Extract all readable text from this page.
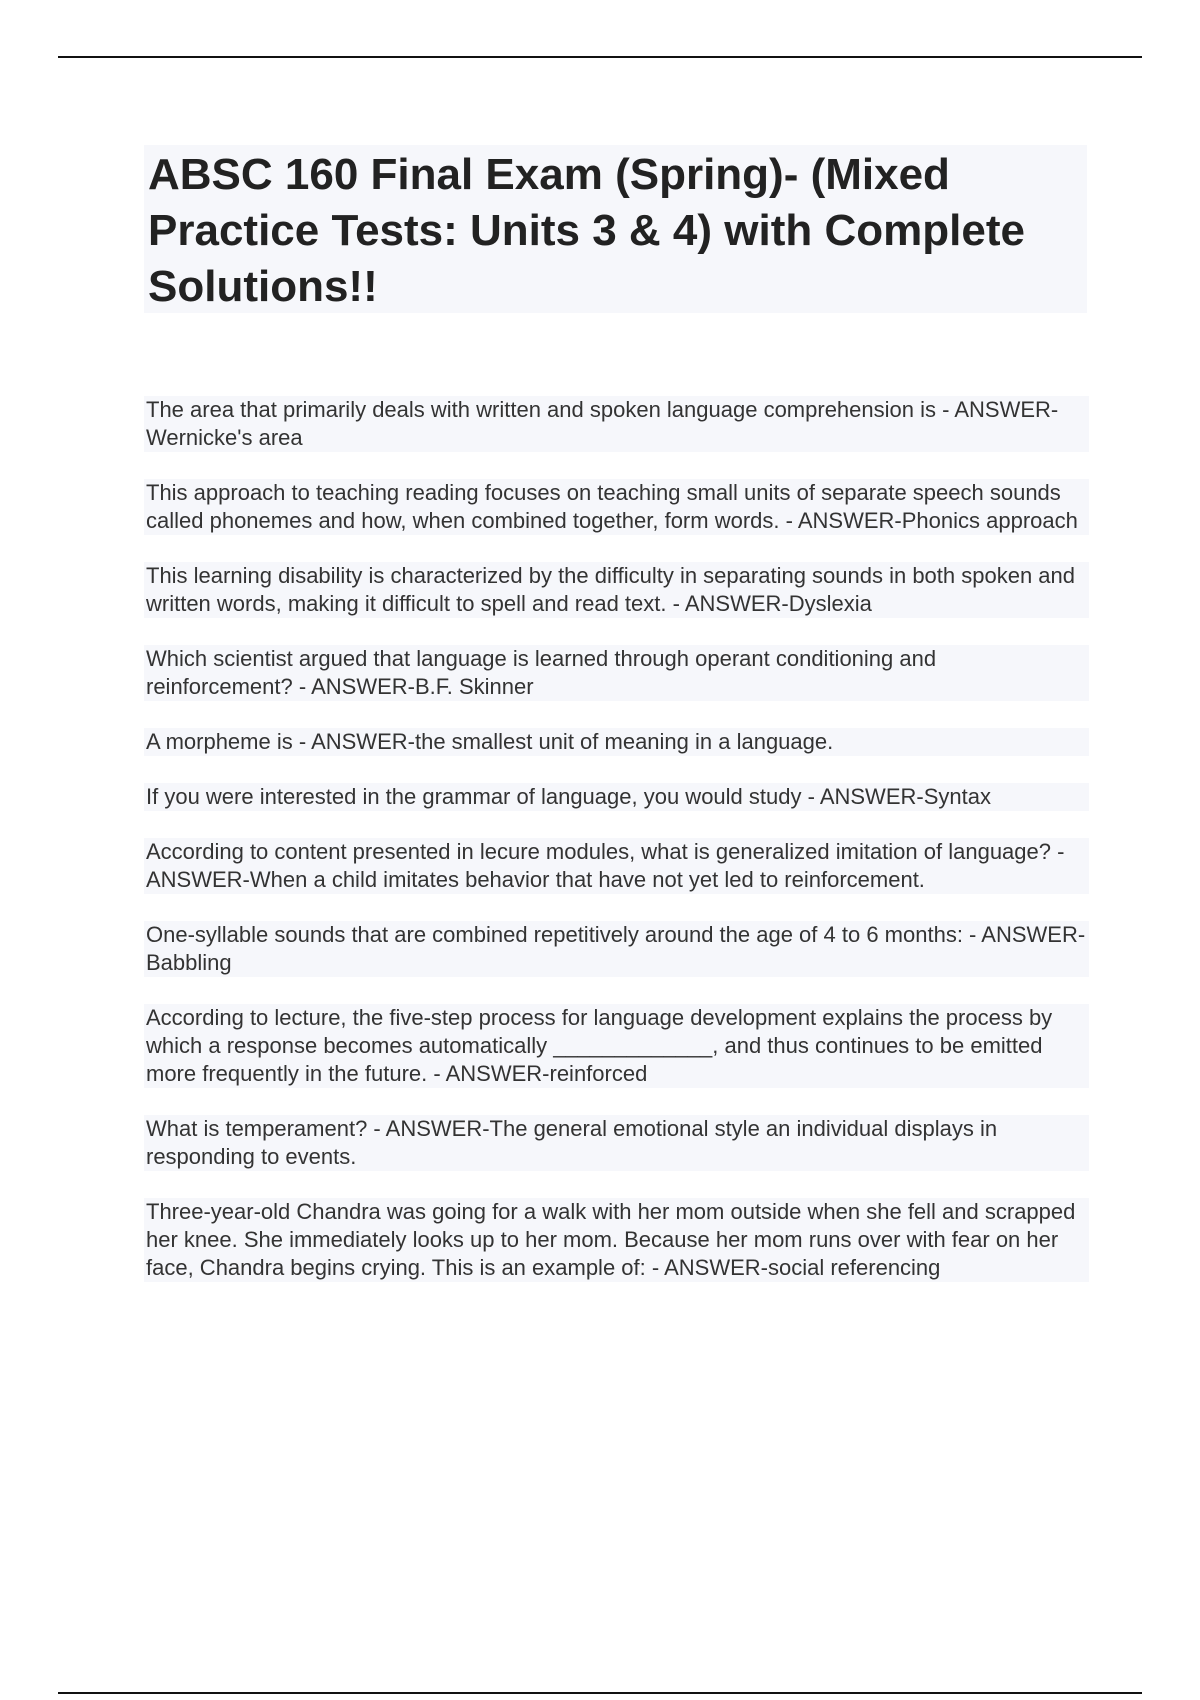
ABSC 160 Final Exam (Spring)- (Mixed Practice Tests: Units 3 & 4) with Complete Solutions!!

The area that primarily deals with written and spoken language comprehension is - ANSWER-Wernicke's area

This approach to teaching reading focuses on teaching small units of separate speech sounds called phonemes and how, when combined together, form words. - ANSWER-Phonics approach

This learning disability is characterized by the difficulty in separating sounds in both spoken and written words, making it difficult to spell and read text. - ANSWER-Dyslexia

Which scientist argued that language is learned through operant conditioning and reinforcement? - ANSWER-B.F. Skinner

A morpheme is - ANSWER-the smallest unit of meaning in a language.

If you were interested in the grammar of language, you would study - ANSWER-Syntax

According to content presented in lecure modules, what is generalized imitation of language? - ANSWER-When a child imitates behavior that have not yet led to reinforcement.

One-syllable sounds that are combined repetitively around the age of 4 to 6 months: - ANSWER-Babbling

According to lecture, the five-step process for language development explains the process by which a response becomes automatically _____________, and thus continues to be emitted more frequently in the future. - ANSWER-reinforced

What is temperament? - ANSWER-The general emotional style an individual displays in responding to events.

Three-year-old Chandra was going for a walk with her mom outside when she fell and scrapped her knee. She immediately looks up to her mom. Because her mom runs over with fear on her face, Chandra begins crying. This is an example of: - ANSWER-social referencing
